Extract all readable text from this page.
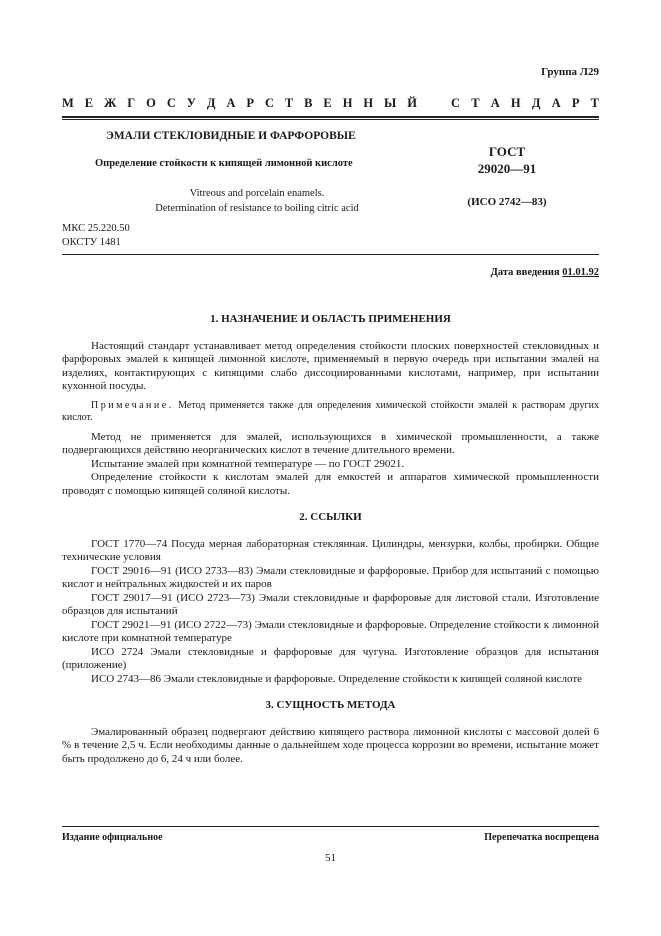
Группа Л29
М Е Ж Г О С У Д А Р С Т В Е Н Н Ы Й	С Т А Н Д А Р Т
ЭМАЛИ СТЕКЛОВИДНЫЕ И ФАРФОРОВЫЕ
Определение стойкости к кипящей лимонной кислоте
Vitreous and porcelain enamels.
Determination of resistance to boiling citric acid
ГОСТ
29020—91
(ИСО 2742—83)
МКС 25.220.50
ОКСТУ 1481
Дата введения 01.01.92
1. НАЗНАЧЕНИЕ И ОБЛАСТЬ ПРИМЕНЕНИЯ

Настоящий стандарт устанавливает метод определения стойкости плоских поверхностей стекловидных и фарфоровых эмалей к кипящей лимонной кислоте, применяемый в первую очередь при испытании эмалей на изделиях, контактирующих с кипящими слабо диссоциированными кислотами, например, при испытании кухонной посуды.

Примечание. Метод применяется также для определения химической стойкости эмалей к растворам других кислот.

Метод не применяется для эмалей, использующихся в химической промышленности, а также подвергающихся действию неорганических кислот в течение длительного времени.

Испытание эмалей при комнатной температуре — по ГОСТ 29021.

Определение стойкости к кислотам эмалей для емкостей и аппаратов химической промышленности проводят с помощью кипящей соляной кислоты.

2. ССЫЛКИ

ГОСТ 1770—74 Посуда мерная лабораторная стеклянная. Цилиндры, мензурки, колбы, пробирки. Общие технические условия

ГОСТ 29016—91 (ИСО 2733—83) Эмали стекловидные и фарфоровые. Прибор для испытаний с помощью кислот и нейтральных жидкостей и их паров

ГОСТ 29017—91 (ИСО 2723—73) Эмали стекловидные и фарфоровые для листовой стали. Изготовление образцов для испытаний

ГОСТ 29021—91 (ИСО 2722—73) Эмали стекловидные и фарфоровые. Определение стойкости к лимонной кислоте при комнатной температуре

ИСО 2724 Эмали стекловидные и фарфоровые для чугуна. Изготовление образцов для испытания (приложение)

ИСО 2743—86 Эмали стекловидные и фарфоровые. Определение стойкости к кипящей соляной кислоте

3. СУЩНОСТЬ МЕТОДА

Эмалированный образец подвергают действию кипящего раствора лимонной кислоты с массовой долей 6 % в течение 2,5 ч. Если необходимы данные о дальнейшем ходе процесса коррозии во времени, испытание может быть продолжено до 6, 24 ч или более.

Издание официальное	Перепечатка воспрещена
51
